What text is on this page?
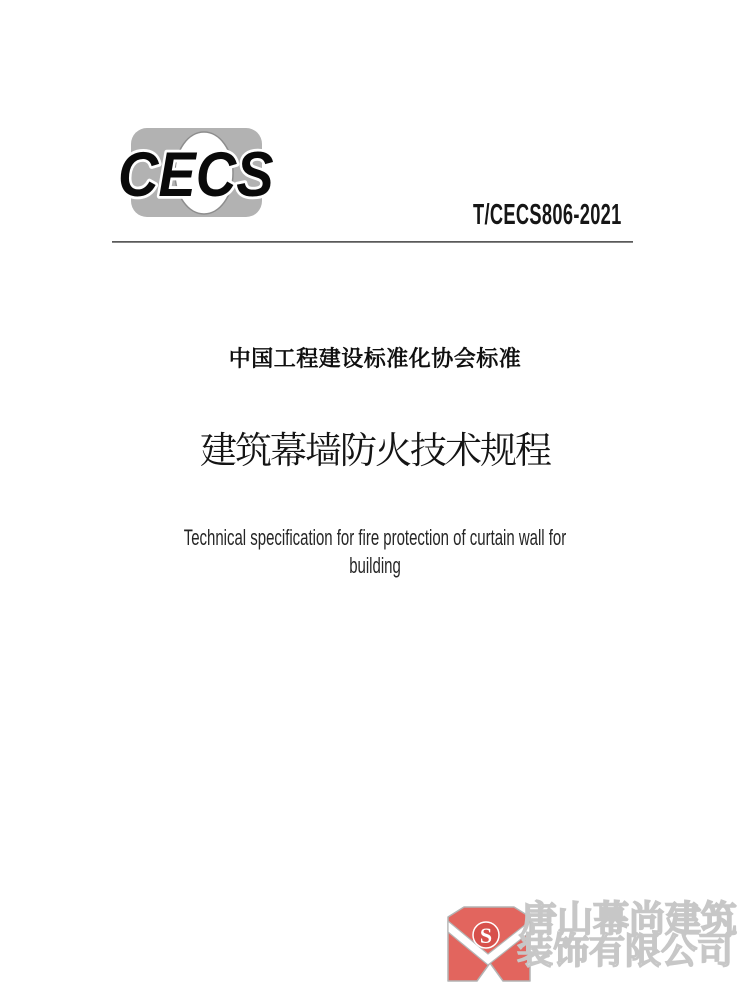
CECS
T/CECS806-2021
中国工程建设标准化协会标准
建筑幕墙防火技术规程
Technical specification for fire protection of curtain wall for
building
S 唐山幕尚建筑
装饰有限公司
